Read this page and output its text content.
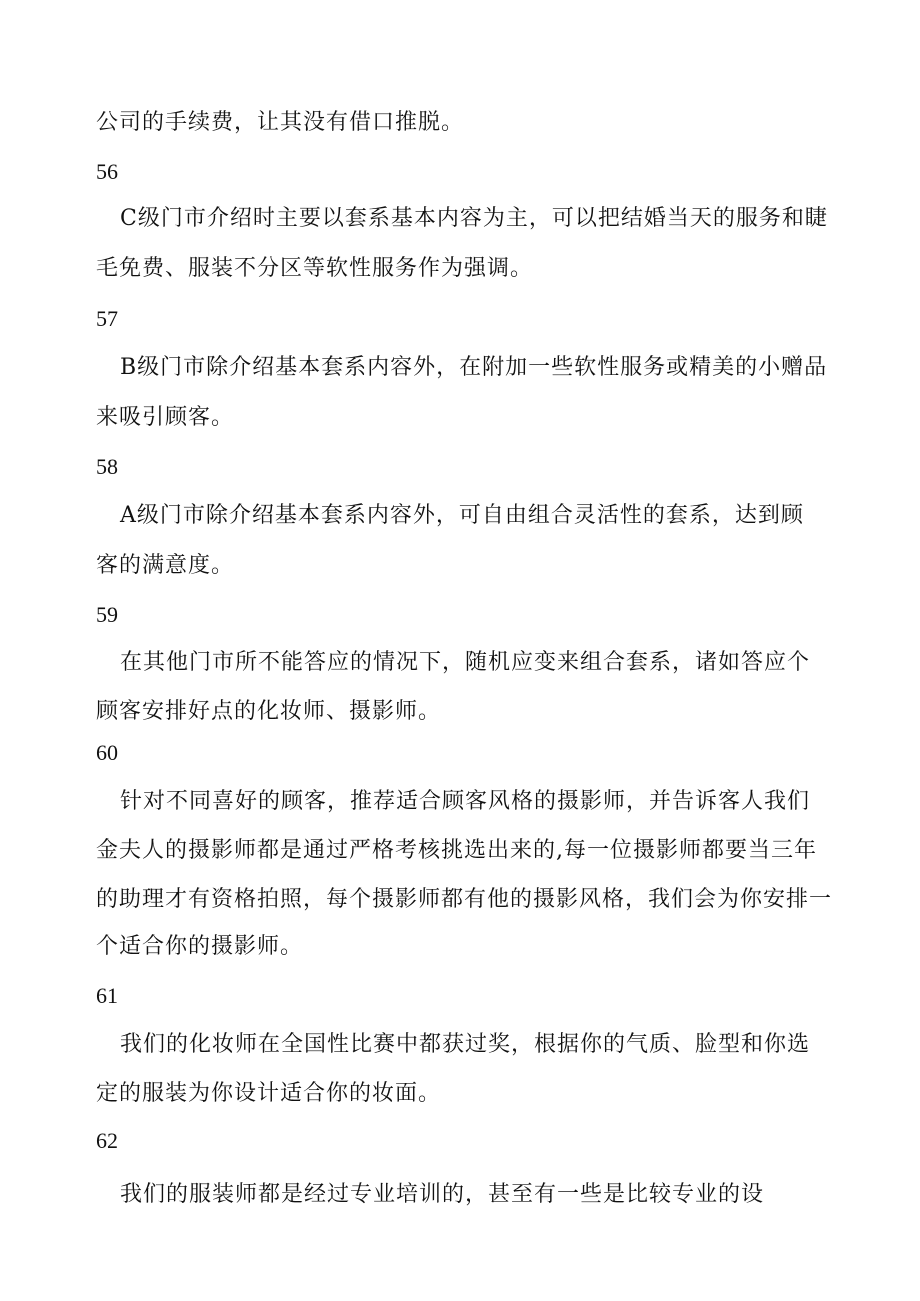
公司的手续费，让其没有借口推脱。
56
C级门市介绍时主要以套系基本内容为主，可以把结婚当天的服务和睫
毛免费、服装不分区等软性服务作为强调。
57
B级门市除介绍基本套系内容外，在附加一些软性服务或精美的小赠品
来吸引顾客。
58
A级门市除介绍基本套系内容外，可自由组合灵活性的套系，达到顾
客的满意度。
59
在其他门市所不能答应的情况下，随机应变来组合套系，诸如答应个
顾客安排好点的化妆师、摄影师。
60
针对不同喜好的顾客，推荐适合顾客风格的摄影师，并告诉客人我们
金夫人的摄影师都是通过严格考核挑选出来的,每一位摄影师都要当三年
的助理才有资格拍照，每个摄影师都有他的摄影风格，我们会为你安排一
个适合你的摄影师。
61
我们的化妆师在全国性比赛中都获过奖，根据你的气质、脸型和你选
定的服装为你设计适合你的妆面。
62
我们的服装师都是经过专业培训的，甚至有一些是比较专业的设
